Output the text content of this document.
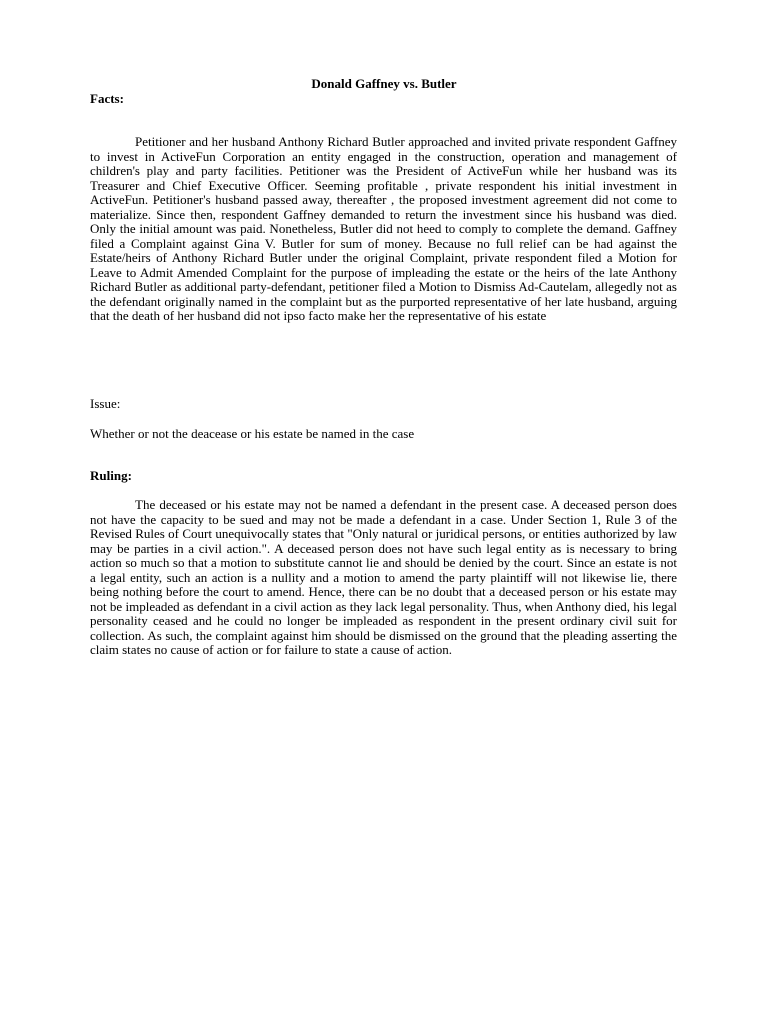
Donald Gaffney vs. Butler
Facts:

Petitioner and her husband Anthony Richard Butler approached and invited private respondent Gaffney to invest in ActiveFun Corporation an entity engaged in the construction, operation and management of children's play and party facilities. Petitioner was the President of ActiveFun while her husband was its Treasurer and Chief Executive Officer. Seeming profitable , private respondent his initial investment in ActiveFun. Petitioner's husband passed away, thereafter , the proposed investment agreement did not come to materialize. Since then, respondent Gaffney demanded to return the investment since his husband was died. Only the initial amount was paid. Nonetheless, Butler did not heed to comply to complete the demand. Gaffney filed a Complaint against Gina V. Butler for sum of money. Because no full relief can be had against the Estate/heirs of Anthony Richard Butler under the original Complaint, private respondent filed a Motion for Leave to Admit Amended Complaint for the purpose of impleading the estate or the heirs of the late Anthony Richard Butler as additional party-defendant, petitioner filed a Motion to Dismiss Ad-Cautelam, allegedly not as the defendant originally named in the complaint but as the purported representative of her late husband, arguing that the death of her husband did not ipso facto make her the representative of his estate

Issue:
Whether or not the deacease or his estate be named in the case
Ruling:

The deceased or his estate may not be named a defendant in the present case. A deceased person does not have the capacity to be sued and may not be made a defendant in a case. Under Section 1, Rule 3 of the Revised Rules of Court unequivocally states that "Only natural or juridical persons, or entities authorized by law may be parties in a civil action.". A deceased person does not have such legal entity as is necessary to bring action so much so that a motion to substitute cannot lie and should be denied by the court. Since an estate is not a legal entity, such an action is a nullity and a motion to amend the party plaintiff will not likewise lie, there being nothing before the court to amend. Hence, there can be no doubt that a deceased person or his estate may not be impleaded as defendant in a civil action as they lack legal personality. Thus, when Anthony died, his legal personality ceased and he could no longer be impleaded as respondent in the present ordinary civil suit for collection. As such, the complaint against him should be dismissed on the ground that the pleading asserting the claim states no cause of action or for failure to state a cause of action.
